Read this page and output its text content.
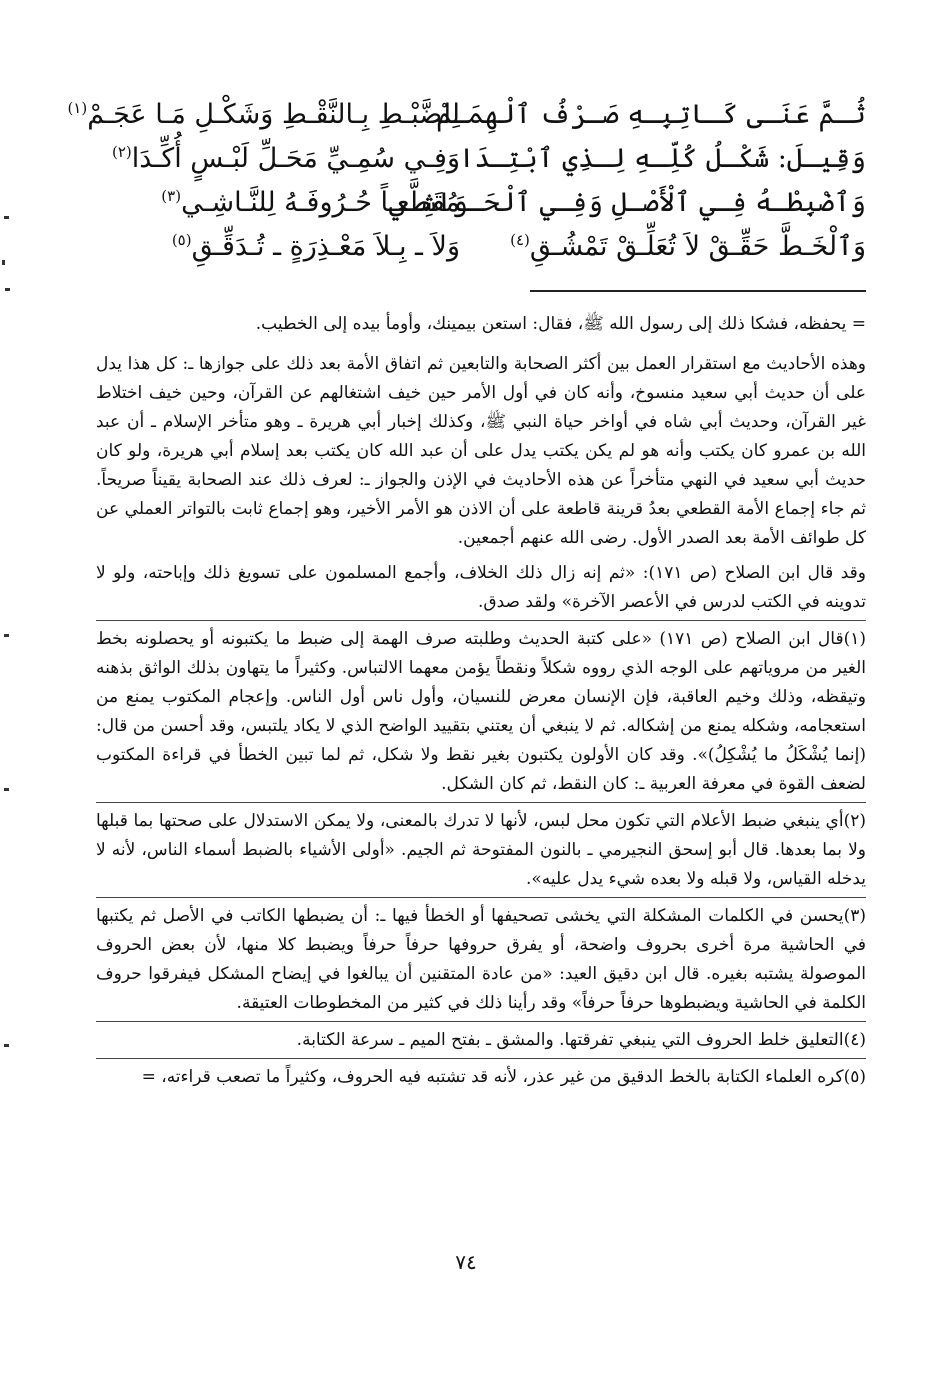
ثُـمَّ عَنَـى كَـاتِبِـهِ صَـرْفُ ٱلْهِمَـمْ
لِلضَّبْـطِ بِـالنَّقْـطِ وَشَكْـلِ مَـا عَجَـمْ$^{(١)}$
وَقِيـلَ: شَكْـلُ كُلِّـهِ لِـذِي ٱبْتِـدَا
وَفِـي سُمِـيِّ مَحَـلِّ لَبْـسٍ أُكِّـدَا$^{(٢)}$
وَٱضْبِطْـهُ فِـي ٱلْأَصْـلِ وَفِـي ٱلْحَـوَاشِـي
مُقَطَّعـاً حُـرُوفَـهُ لِلنَّـاشِـي$^{(٣)}$
وَٱلْخَـطَّ حَقِّـقْ لاَ تُعَلِّـقْ تَمْشُـقِ$^{(٤)}$
وَلاَ ـ بِـلاَ مَعْـذِرَةٍ ـ تُـدَقِّـقِ$^{(٥)}$
= يحفظه، فشكا ذلك إلى رسول الله ﷺ، فقال: استعن بيمينك، وأومأ بيده إلى الخطيب.

وهذه الأحاديث مع استقرار العمل بين أكثر الصحابة والتابعين ثم اتفاق الأمة بعد ذلك على جوازها ـ: كل هذا يدل على أن حديث أبي سعيد منسوخ، وأنه كان في أول الأمر حين خيف اشتغالهم عن القرآن، وحين خيف اختلاط غير القرآن، وحديث أبي شاه في أواخر حياة النبي ﷺ، وكذلك إخبار أبي هريرة ـ وهو متأخر الإسلام ـ أن عبد الله بن عمرو كان يكتب وأنه هو لم يكن يكتب يدل على أن عبد الله كان يكتب بعد إسلام أبي هريرة، ولو كان حديث أبي سعيد في النهي متأخراً عن هذه الأحاديث في الإذن والجواز ـ: لعرف ذلك عند الصحابة يقيناً صريحاً. ثم جاء إجماع الأمة القطعي بعدُ قرينة قاطعة على أن الاذن هو الأمر الأخير، وهو إجماع ثابت بالتواتر العملي عن كل طوائف الأمة بعد الصدر الأول. رضى الله عنهم أجمعين.

وقد قال ابن الصلاح (ص ١٧١): «ثم إنه زال ذلك الخلاف، وأجمع المسلمون على تسويغ ذلك وإباحته، ولو لا تدوينه في الكتب لدرس في الأعصر الآخرة» ولقد صدق.

(١)قال ابن الصلاح (ص ١٧١) «على كتبة الحديث وطلبته صرف الهمة إلى ضبط ما يكتبونه أو يحصلونه بخط الغير من مروياتهم على الوجه الذي رووه شكلاً ونقطاً يؤمن معهما الالتباس. وكثيراً ما يتهاون بذلك الواثق بذهنه وتيقظه، وذلك وخيم العاقبة، فإن الإنسان معرض للنسيان، وأول ناس أول الناس. وإعجام المكتوب يمنع من استعجامه، وشكله يمنع من إشكاله. ثم لا ينبغي أن يعتني بتقييد الواضح الذي لا يكاد يلتبس، وقد أحسن من قال: (إنما يُشْكَلُ ما يُشْكِلُ)». وقد كان الأولون يكتبون بغير نقط ولا شكل، ثم لما تبين الخطأ في قراءة المكتوب لضعف القوة في معرفة العربية ـ: كان النقط، ثم كان الشكل.

(٢)أي ينبغي ضبط الأعلام التي تكون محل لبس، لأنها لا تدرك بالمعنى، ولا يمكن الاستدلال على صحتها بما قبلها ولا بما بعدها. قال أبو إسحق النجيرمي ـ بالنون المفتوحة ثم الجيم. «أولى الأشياء بالضبط أسماء الناس، لأنه لا يدخله القياس، ولا قبله ولا بعده شيء يدل عليه».

(٣)يحسن في الكلمات المشكلة التي يخشى تصحيفها أو الخطأ فيها ـ: أن يضبطها الكاتب في الأصل ثم يكتبها في الحاشية مرة أخرى بحروف واضحة، أو يفرق حروفها حرفاً حرفاً ويضبط كلا منها، لأن بعض الحروف الموصولة يشتبه بغيره. قال ابن دقيق العيد: «من عادة المتقنين أن يبالغوا في إيضاح المشكل فيفرقوا حروف الكلمة في الحاشية ويضبطوها حرفاً حرفاً» وقد رأينا ذلك في كثير من المخطوطات العتيقة.

(٤)التعليق خلط الحروف التي ينبغي تفرقتها. والمشق ـ بفتح الميم ـ سرعة الكتابة.

(٥)كره العلماء الكتابة بالخط الدقيق من غير عذر، لأنه قد تشتبه فيه الحروف، وكثيراً ما تصعب قراءته، =

٧٤
